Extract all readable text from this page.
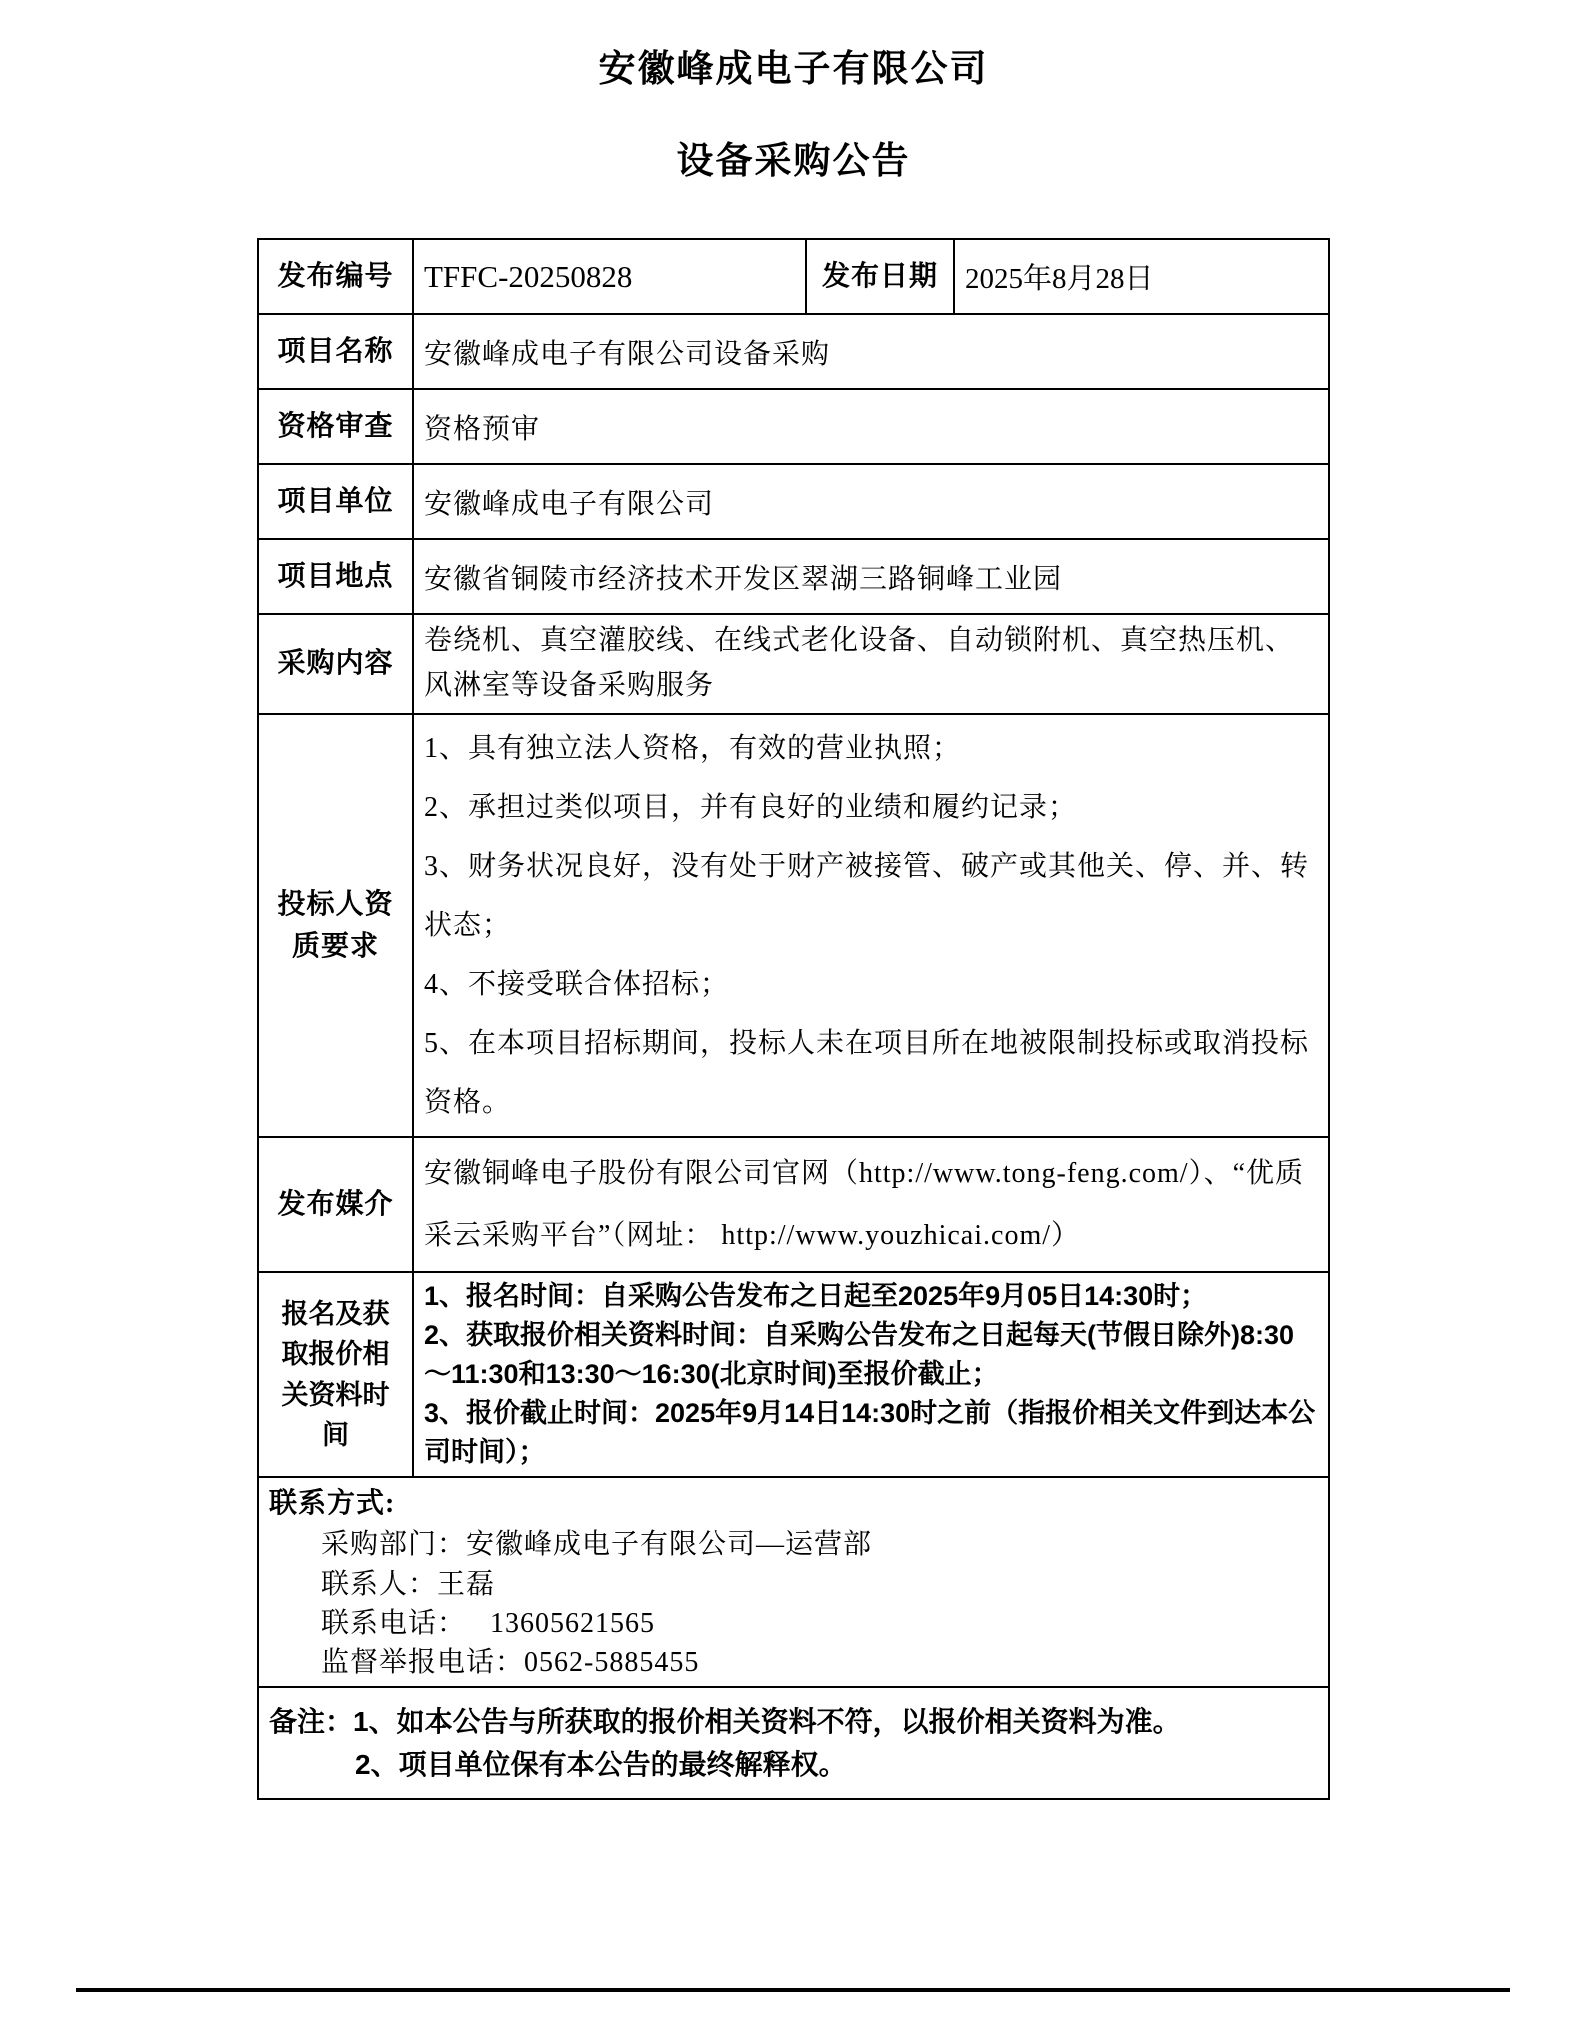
安徽峰成电子有限公司
设备采购公告
发布编号	TFFC-20250828	发布日期	2025年8月28日
项目名称	安徽峰成电子有限公司设备采购		
资格审查	资格预审		
项目单位	安徽峰成电子有限公司		
项目地点	安徽省铜陵市经济技术开发区翠湖三路铜峰工业园		
采购内容	卷绕机、真空灌胶线、在线式老化设备、自动锁附机、真空热压机、风淋室等设备采购服务		
投标人资质要求	1、具有独立法人资格，有效的营业执照；
2、承担过类似项目，并有良好的业绩和履约记录；
3、财务状况良好，没有处于财产被接管、破产或其他关、停、并、转状态；
4、不接受联合体招标；
5、在本项目招标期间，投标人未在项目所在地被限制投标或取消投标资格。		

发布媒介	安徽铜峰电子股份有限公司官网（http://www.tong-feng.com/）、“优质采云采购平台”（网址： http://www.youzhicai.com/）		
报名及获取报价相关资料时间	1、报名时间：自采购公告发布之日起至2025年9月05日14:30时；
2、获取报价相关资料时间：自采购公告发布之日起每天(节假日除外)8:30～11:30和13:30～16:30(北京时间)至报价截止；
3、报价截止时间：2025年9月14日14:30时之前（指报价相关文件到达本公司时间）；		

联系方式:
采购部门：安徽峰成电子有限公司—运营部
联系人：王磊
联系电话：   13605621565
监督举报电话：0562-5885455			

备注：1、如本公告与所获取的报价相关资料不符，以报价相关资料为准。
2、项目单位保有本公告的最终解释权。			
